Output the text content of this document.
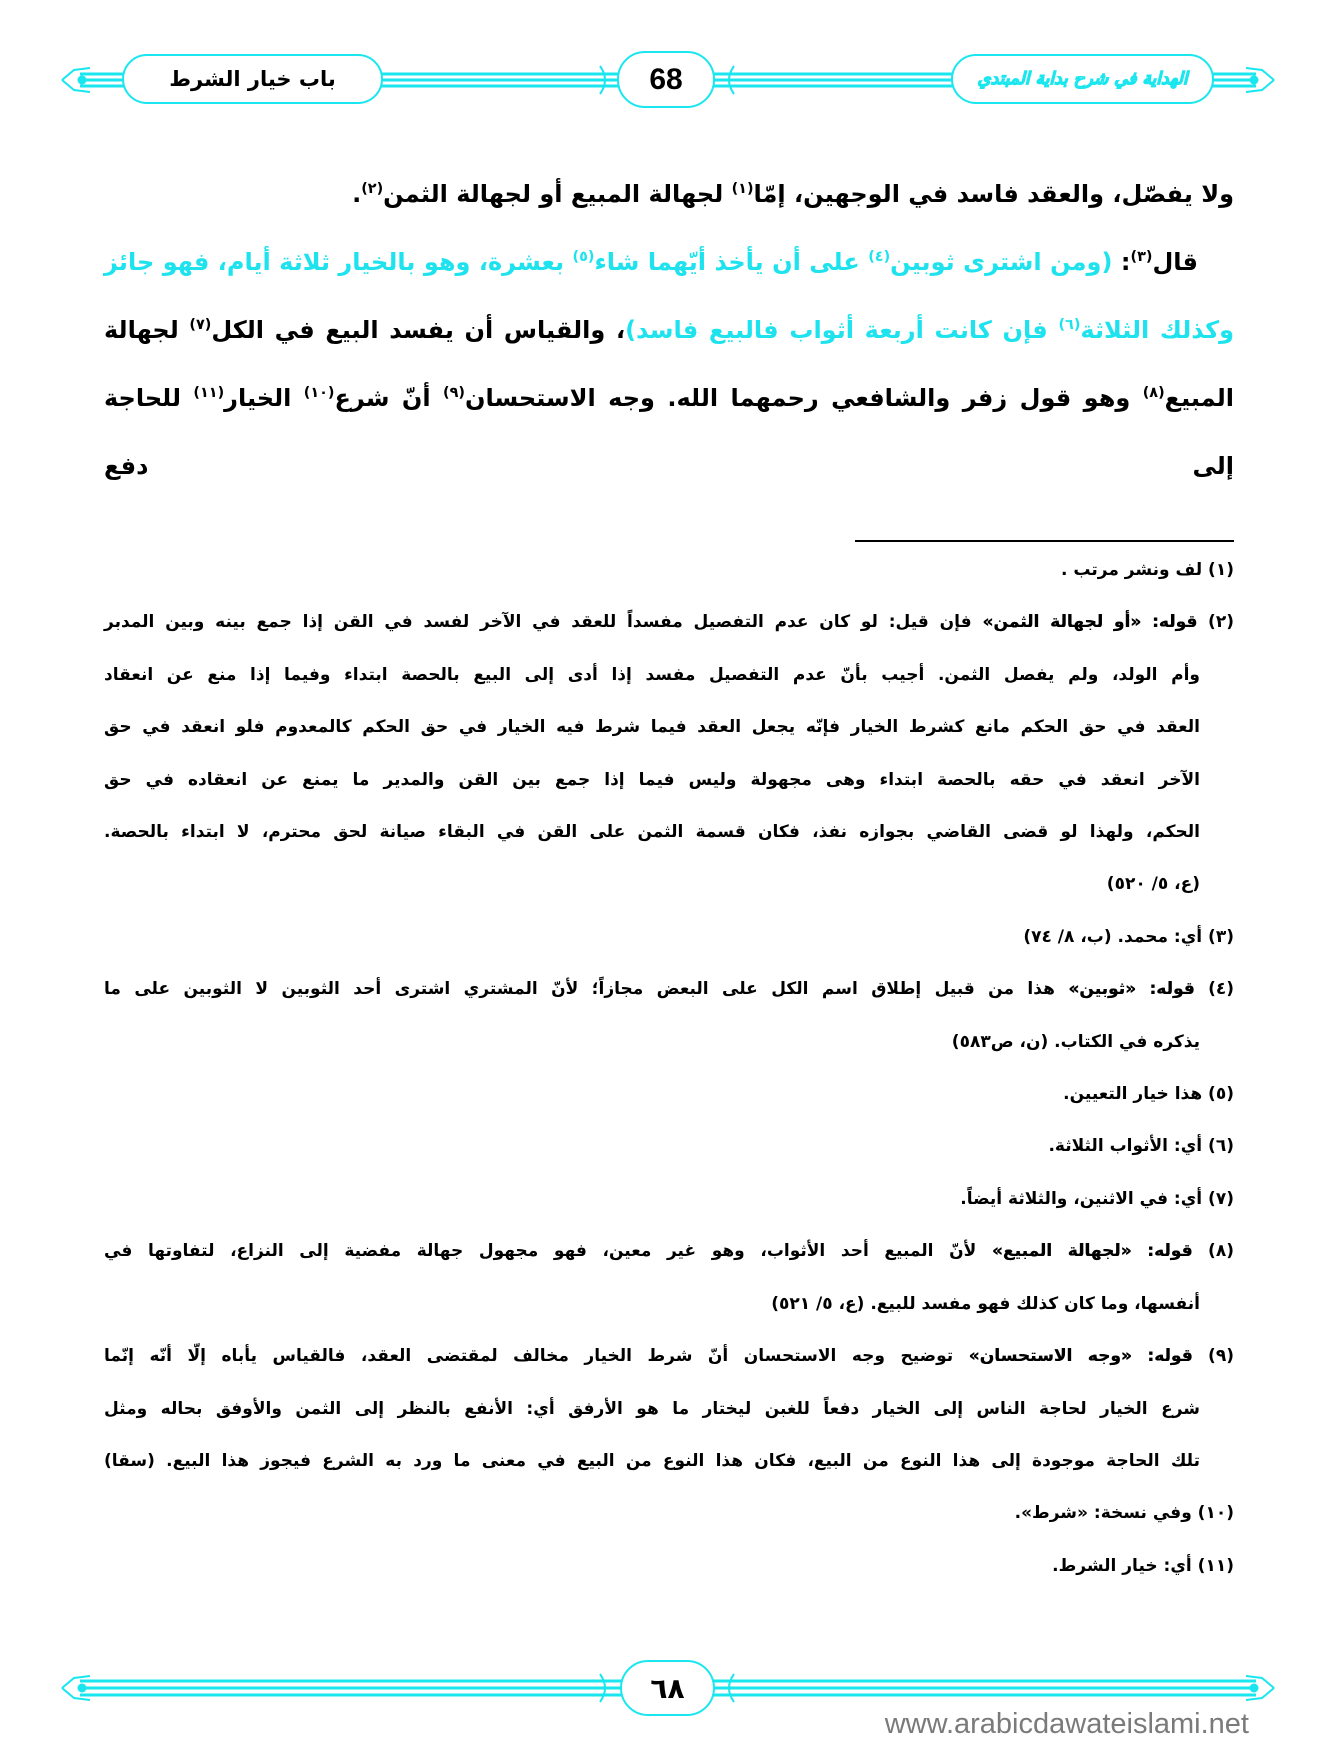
باب خيار الشرط	68	الهداية في شرح بداية المبتدي
ولا يفصّل، والعقد فاسد في الوجهين، إمّا$^{(١)}$ لجهالة المبيع أو لجهالة الثمن$^{(٢)}$.
قال$^{(٣)}$: (ومن اشترى ثوبين$^{(٤)}$ على أن يأخذ أيّهما شاء$^{(٥)}$ بعشرة، وهو بالخيار ثلاثة أيام، فهو جائز
وكذلك الثلاثة$^{(٦)}$ فإن كانت أربعة أثواب فالبيع فاسد)، والقياس أن يفسد البيع في الكل$^{(٧)}$ لجهالة
المبيع$^{(٨)}$ وهو قول زفر والشافعي رحمهما الله. وجه الاستحسان$^{(٩)}$ أنّ شرع$^{(١٠)}$ الخيار$^{(١١)}$ للحاجة إلى دفع
(١) لف ونشر مرتب .
(٢) قوله: «أو لجهالة الثمن» فإن قيل: لو كان عدم التفصيل مفسداً للعقد في الآخر لفسد في القن إذا جمع بينه وبين المدبر
وأم الولد، ولم يفصل الثمن. أجيب بأنّ عدم التفصيل مفسد إذا أدى إلى البيع بالحصة ابتداء وفيما إذا منع عن انعقاد
العقد في حق الحكم مانع كشرط الخيار فإنّه يجعل العقد فيما شرط فيه الخيار في حق الحكم كالمعدوم فلو انعقد في حق
الآخر انعقد في حقه بالحصة ابتداء وهى مجهولة وليس فيما إذا جمع بين القن والمدير ما يمنع عن انعقاده في حق
الحكم، ولهذا لو قضى القاضي بجوازه نفذ، فكان قسمة الثمن على القن في البقاء صيانة لحق محترم، لا ابتداء بالحصة.
(ع، ٥/ ٥٢٠)
(٣) أي: محمد. (ب، ٨/ ٧٤)
(٤) قوله: «ثوبين» هذا من قبيل إطلاق اسم الكل على البعض مجازاً؛ لأنّ المشتري اشترى أحد الثوبين لا الثوبين على ما
يذكره في الكتاب. (ن، ص٥٨٣)
(٥) هذا خيار التعيين.
(٦) أي: الأثواب الثلاثة.
(٧) أي: في الاثنين، والثلاثة أيضاً.
(٨) قوله: «لجهالة المبيع» لأنّ المبيع أحد الأثواب، وهو غير معين، فهو مجهول جهالة مفضية إلى النزاع، لتفاوتها في
أنفسها، وما كان كذلك فهو مفسد للبيع. (ع، ٥/ ٥٢١)
(٩) قوله: «وجه الاستحسان» توضيح وجه الاستحسان أنّ شرط الخيار مخالف لمقتضى العقد، فالقياس يأباه إلّا أنّه إنّما
شرع الخيار لحاجة الناس إلى الخيار دفعاً للغبن ليختار ما هو الأرفق أي: الأنفع بالنظر إلى الثمن والأوفق بحاله ومثل
تلك الحاجة موجودة إلى هذا النوع من البيع، فكان هذا النوع من البيع في معنى ما ورد به الشرع فيجوز هذا البيع. (سقا)
(١٠) وفي نسخة: «شرط».
(١١) أي: خيار الشرط.
٦٨
www.arabicdawateislami.net
